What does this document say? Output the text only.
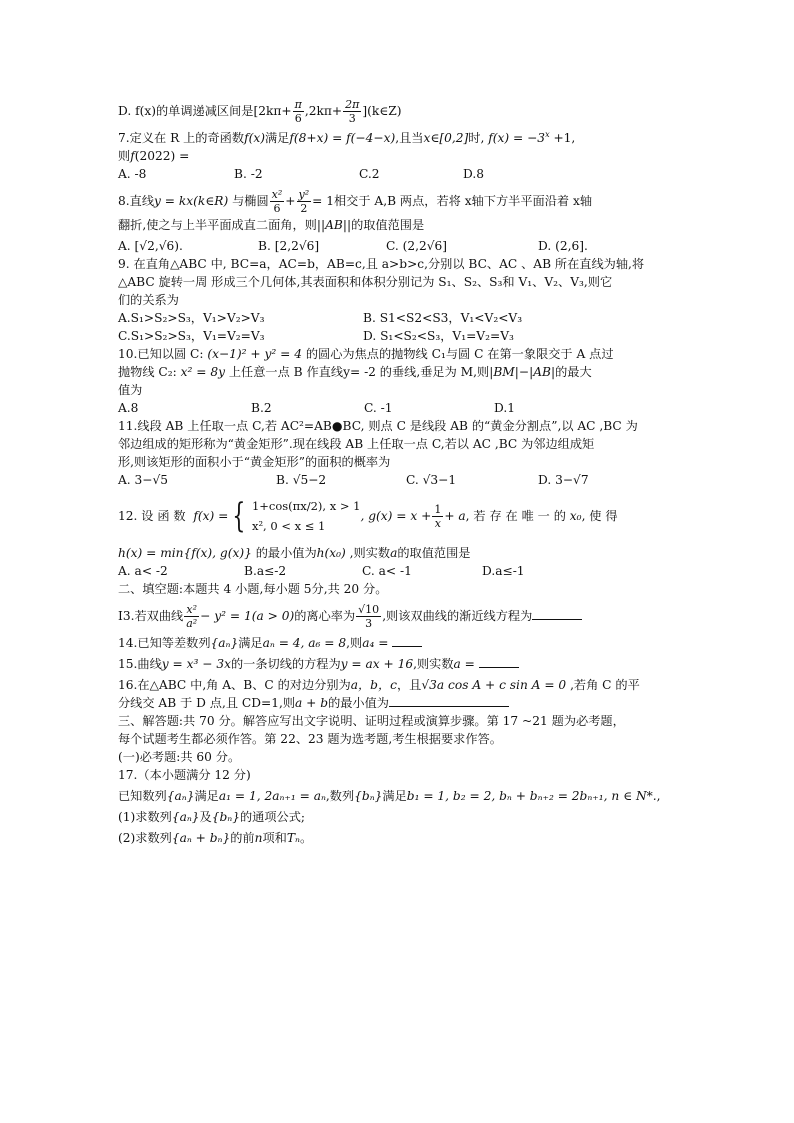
D. f(x)的单调递减区间是[$2k\pi+ \frac{\pi}{6} ,2k\pi+ \frac{2\pi}{3}$ ](k∈Z)
7.定义在 R 上的奇函数f(x)满足f(8+x) = f(−4−x),且当x∈[0,2]时, $f(x) = -3^x +1$,
则f(2022) =
A. -8	B. -2	C.2	D.8
8.直线y = kx(k∈R) 与椭圆 $\frac{\text{x²}}{6} + \frac{\text{y²}}{2} = 1$相交于 A,B 两点，若将 x轴下方半平面沿着 x轴
翻折,使之与上半平面成直二面角，则||AB||的取值范围是
A. [√2,√6).	B. [2,2√6]	C. (2,2√6]	D. (2,6].
9. 在直角△ABC 中, BC=a，AC=b，AB=c,且 a>b>c,分别以 BC、AC 、AB 所在直线为轴,将
△ABC 旋转一周 形成三个几何体,其表面积和体积分别记为 S₁、S₂、S₃和 V₁、V₂、V₃,则它
们的关系为
A.S₁>S₂>S₃，V₁>V₂>V₃	B. S1<S2<S3，V₁<V₂<V₃
C.S₁>S₂>S₃，V₁=V₂=V₃	D. S₁<S₂<S₃，V₁=V₂=V₃
10.已知以圆 C: (x−1)² + y² = 4 的圆心为焦点的抛物线 C₁与圆 C 在第一象限交于 A 点过
抛物线 C₂: x² = 8y 上任意一点 B 作直线y= -2 的垂线,垂足为 M,则|BM|−|AB|的最大
值为
A.8	B.2	C. -1	D.1
11.线段 AB 上任取一点 C,若 AC²=AB●BC, 则点 C 是线段 AB 的“黄金分割点”,以 AC ,BC 为
邻边组成的矩形称为“黄金矩形”.现在线段 AB 上任取一点 C,若以 AC ,BC 为邻边组成矩
形,则该矩形的面积小于“黄金矩形”的面积的概率为
A. 3−√5	B. √5−2	C. √3−1	D. 3−√7
12. 设 函 数
f(x) = { 1+cos(πx/2), x > 1
x², 0 < x ≤ 1
, $g(x) = x + \frac{1}{x} + a$ , 若 存 在 唯 一 的
x₀ , 使 得
h(x) = min{f(x), g(x)} 的最小值为h(x₀) ,则实数a的取值范围是
A. a< -2	B.a≤-2	C. a< -1	D.a≤-1
二、填空题:本题共 4 小题,每小题 5分,共 20 分。
I3.若双曲线 $\frac{\text{x²}}{\text{a²}} - y^2 = 1(a > 0)$的离心率为 $\frac{√10}{3}$ ,则该双曲线的渐近线方程为
14.已知等差数列{aₙ}满足aₙ = 4, a₆ = 8,则a₄ =
15.曲线y = x³ − 3x的一条切线的方程为y = ax + 16,则实数a =
16.在△ABC 中,角 A、B、C 的对边分别为a，b，c，且√3a cos A + c sin A = 0 ,若角 C 的平
分线交 AB 于 D 点,且 CD=1,则a + b的最小值为
三、解答题:共 70 分。解答应写出文字说明、证明过程或演算步骤。第 17 ~21 题为必考题，
每个试题考生都必须作答。第 22、23 题为选考题,考生根据要求作答。
(一)必考题:共 60 分。
17.（本小题满分 12 分)
已知数列{aₙ}满足a₁ = 1, 2aₙ₊₁ = aₙ,数列{bₙ}满足b₁ = 1, b₂ = 2, bₙ + bₙ₊₂ = 2bₙ₊₁, n ∈ N*.,
(1)求数列{aₙ}及{bₙ}的通项公式;
(2)求数列{aₙ + bₙ}的前n项和Tₙ。
